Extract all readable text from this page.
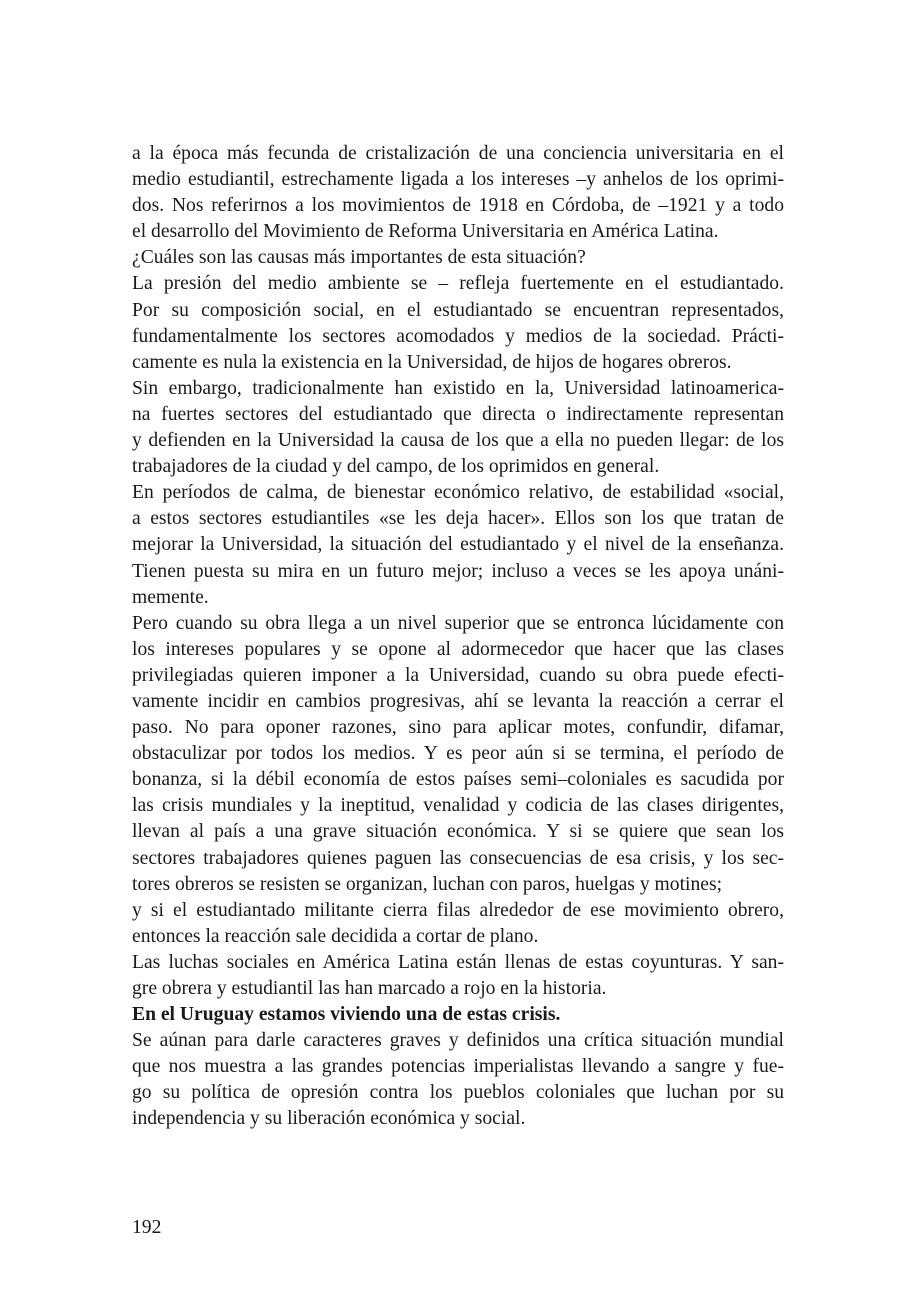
a la época más fecunda de cristalización de una conciencia universitaria en el
medio estudiantil, estrechamente ligada a los intereses –y anhelos de los oprimi-
dos. Nos referirnos a los movimientos de 1918 en Córdoba, de –1921 y a todo
el desarrollo del Movimiento de Reforma Universitaria en América Latina.
¿Cuáles son las causas más importantes de esta situación?
La presión del medio ambiente se – refleja fuertemente en el estudiantado.
Por su composición social, en el estudiantado se encuentran representados,
fundamentalmente los sectores acomodados y medios de la sociedad. Prácti-
camente es nula la existencia en la Universidad, de hijos de hogares obreros.
Sin embargo, tradicionalmente han existido en la, Universidad latinoamerica-
na fuertes sectores del estudiantado que directa o indirectamente representan
y defienden en la Universidad la causa de los que a ella no pueden llegar: de los
trabajadores de la ciudad y del campo, de los oprimidos en general.
En períodos de calma, de bienestar económico relativo, de estabilidad «social,
a estos sectores estudiantiles «se les deja hacer». Ellos son los que tratan de
mejorar la Universidad, la situación del estudiantado y el nivel de la enseñanza.
Tienen puesta su mira en un futuro mejor; incluso a veces se les apoya unáni-
memente.
Pero cuando su obra llega a un nivel superior que se entronca lúcidamente con
los intereses populares y se opone al adormecedor que hacer que las clases
privilegiadas quieren imponer a la Universidad, cuando su obra puede efecti-
vamente incidir en cambios progresivas, ahí se levanta la reacción a cerrar el
paso. No para oponer razones, sino para aplicar motes, confundir, difamar,
obstaculizar por todos los medios. Y es peor aún si se termina, el período de
bonanza, si la débil economía de estos países semi–coloniales es sacudida por
las crisis mundiales y la ineptitud, venalidad y codicia de las clases dirigentes,
llevan al país a una grave situación económica. Y si se quiere que sean los
sectores trabajadores quienes paguen las consecuencias de esa crisis, y los sec-
tores obreros se resisten se organizan, luchan con paros, huelgas y motines;
y si el estudiantado militante cierra filas alrededor de ese movimiento obrero,
entonces la reacción sale decidida a cortar de plano.
Las luchas sociales en América Latina están llenas de estas coyunturas. Y san-
gre obrera y estudiantil las han marcado a rojo en la historia.
En el Uruguay estamos viviendo una de estas crisis.
Se aúnan para darle caracteres graves y definidos una crítica situación mundial
que nos muestra a las grandes potencias imperialistas llevando a sangre y fue-
go su política de opresión contra los pueblos coloniales que luchan por su
independencia y su liberación económica y social.
192
